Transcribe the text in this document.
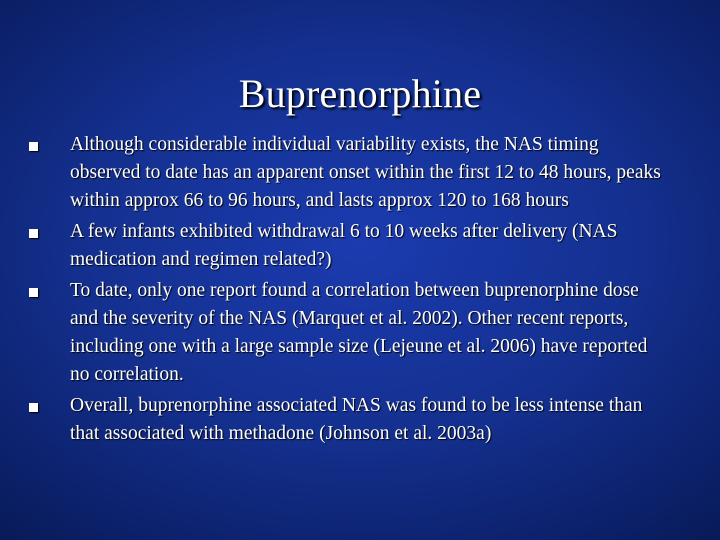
Buprenorphine
Although considerable individual variability exists, the NAS timing observed to date has an apparent onset within the first 12 to 48 hours, peaks within approx 66 to 96 hours, and lasts approx 120 to 168 hours
A few infants exhibited withdrawal 6 to 10 weeks after delivery (NAS medication and regimen related?)
To date, only one report found a correlation between buprenorphine dose and the severity of the NAS (Marquet et al. 2002). Other recent reports, including one with a large sample size (Lejeune et al. 2006) have reported no correlation.
Overall, buprenorphine associated NAS was found to be less intense than that associated with methadone (Johnson et al. 2003a)
